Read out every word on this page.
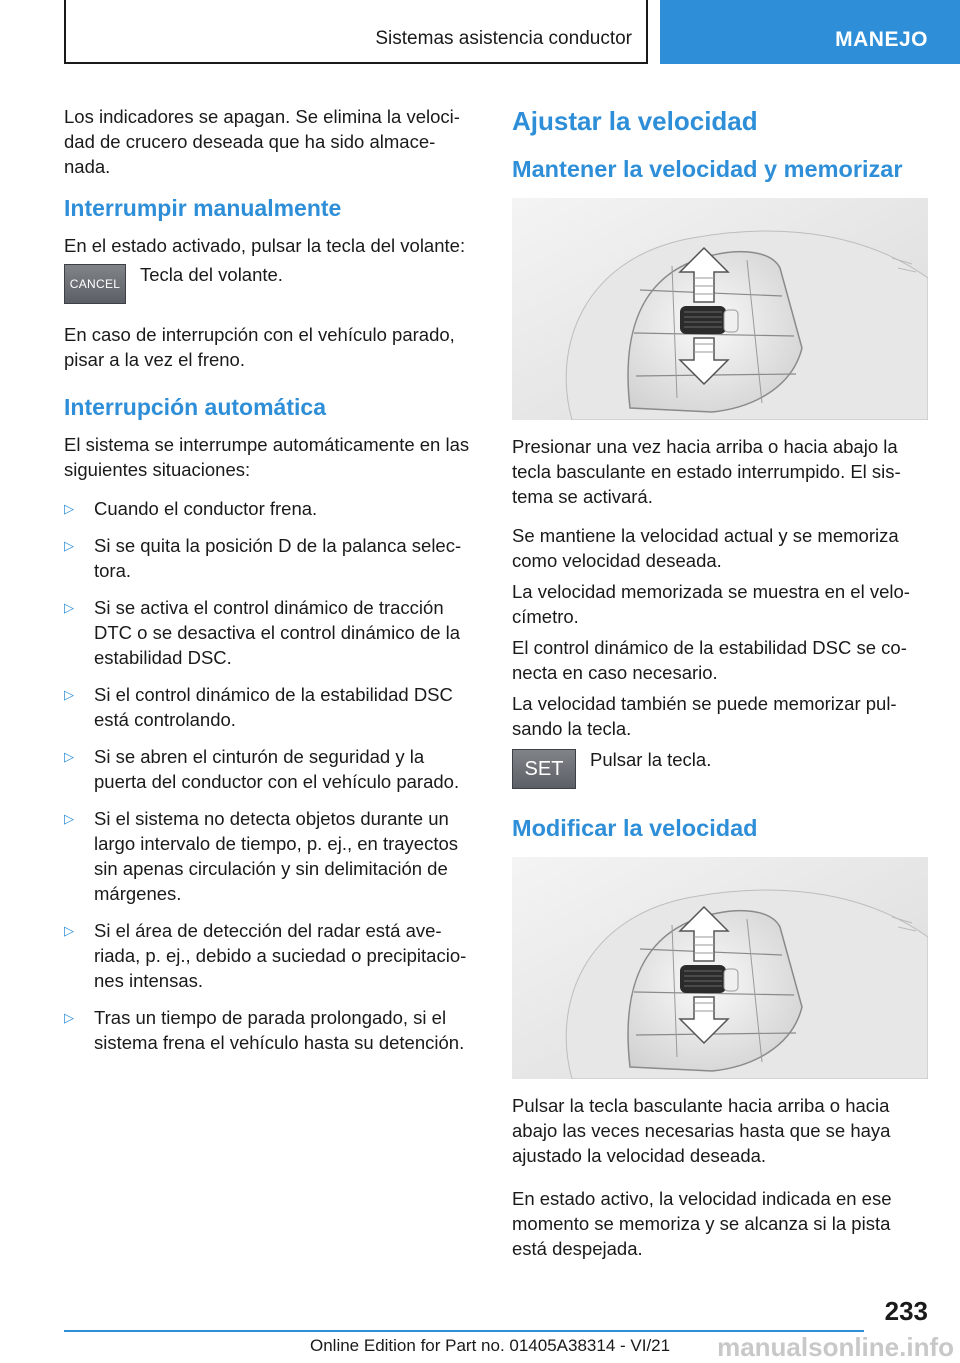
Sistemas asistencia conductor	MANEJO

Los indicadores se apagan. Se elimina la veloci‐dad de crucero deseada que ha sido almace‐nada.

Interrumpir manualmente

En el estado activado, pulsar la tecla del volante:

CANCEL	Tecla del volante.

En caso de interrupción con el vehículo parado, pisar a la vez el freno.

Interrupción automática

El sistema se interrumpe automáticamente en las siguientes situaciones:

▷ Cuando el conductor frena.
▷ Si se quita la posición D de la palanca selec‐tora.
▷ Si se activa el control dinámico de tracción DTC o se desactiva el control dinámico de la estabilidad DSC.
▷ Si el control dinámico de la estabilidad DSC está controlando.
▷ Si se abren el cinturón de seguridad y la puerta del conductor con el vehículo parado.
▷ Si el sistema no detecta objetos durante un largo intervalo de tiempo, p. ej., en trayectos sin apenas circulación y sin delimitación de márgenes.
▷ Si el área de detección del radar está ave‐riada, p. ej., debido a suciedad o precipitacio‐nes intensas.
▷ Tras un tiempo de parada prolongado, si el sistema frena el vehículo hasta su detención.
Ajustar la velocidad
Mantener la velocidad y memorizar

Presionar una vez hacia arriba o hacia abajo la tecla basculante en estado interrumpido. El sis‐tema se activará.

Se mantiene la velocidad actual y se memoriza como velocidad deseada.

La velocidad memorizada se muestra en el velo‐címetro.

El control dinámico de la estabilidad DSC se co‐necta en caso necesario.

La velocidad también se puede memorizar pul‐sando la tecla.

SET	Pulsar la tecla.
Modificar la velocidad

Pulsar la tecla basculante hacia arriba o hacia abajo las veces necesarias hasta que se haya ajustado la velocidad deseada.

En estado activo, la velocidad indicada en ese momento se memoriza y se alcanza si la pista está despejada.

233
Online Edition for Part no. 01405A38314 - VI/21 manualsonline.info
